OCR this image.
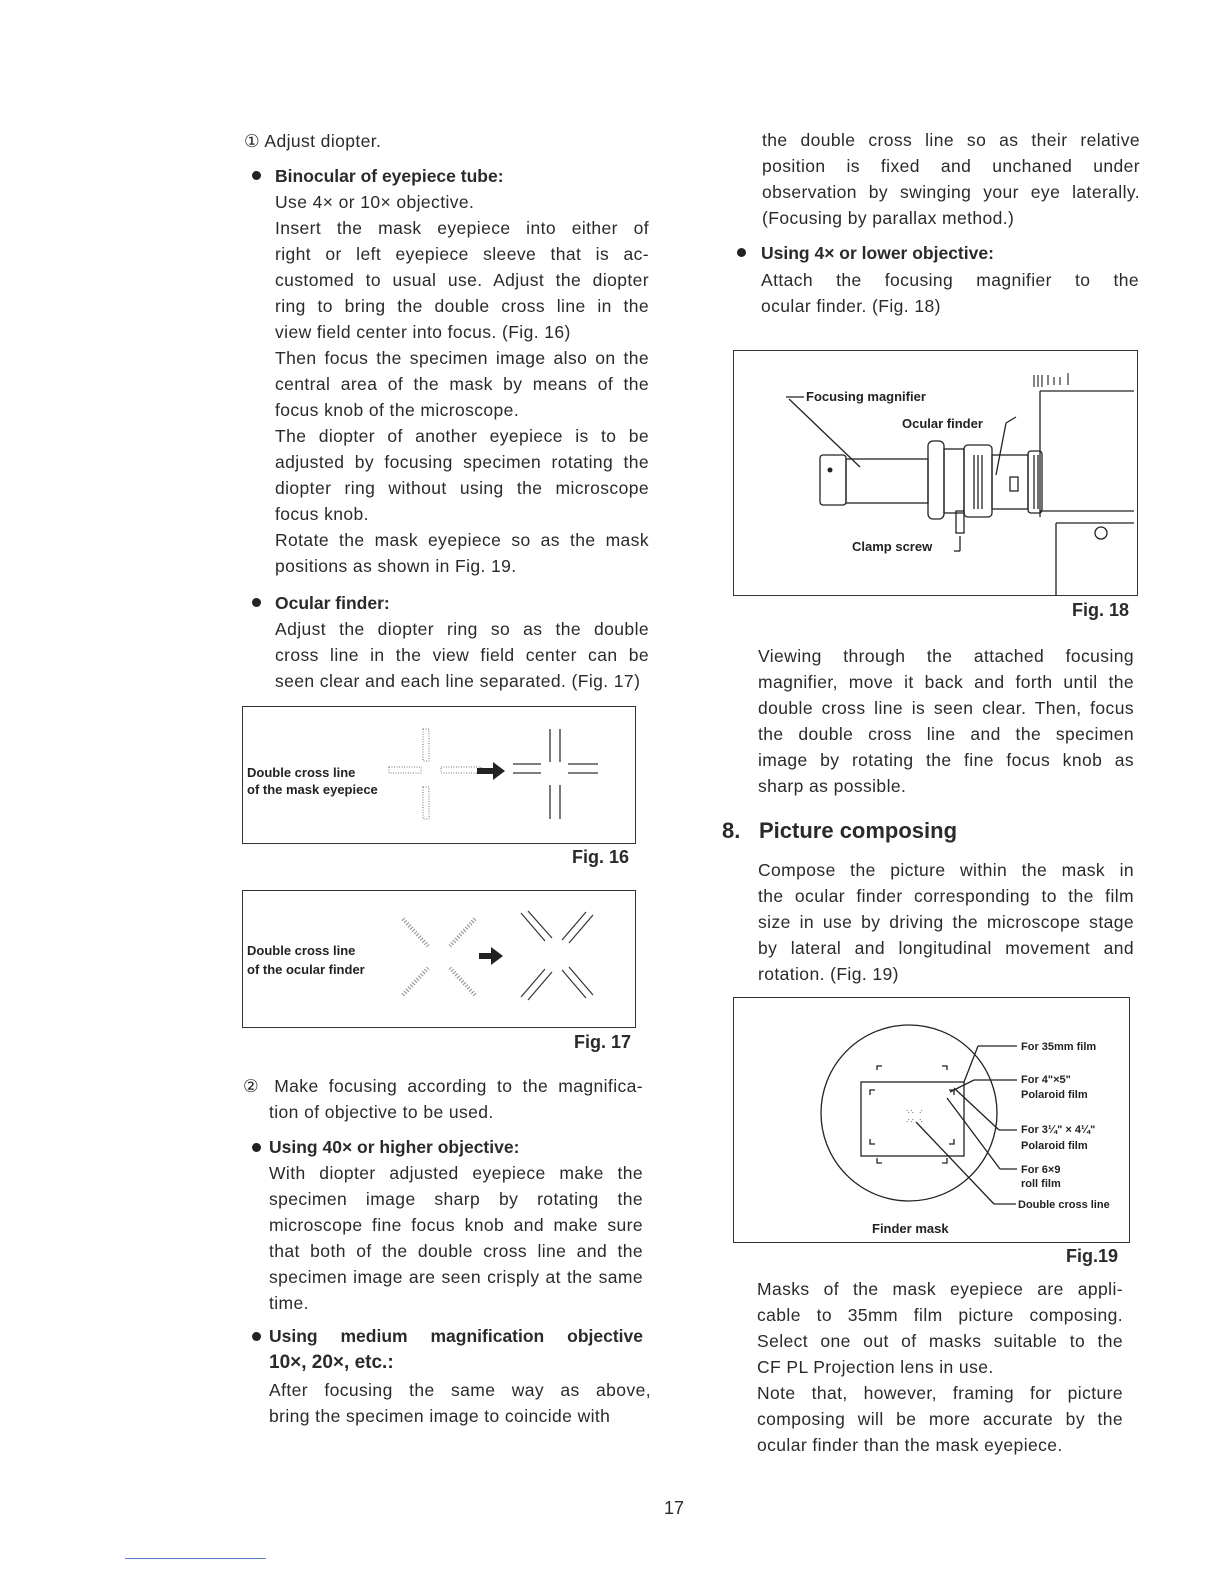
① Adjust diopter.

Binocular of eyepiece tube:

Use 4× or 10× objective.

Insert the mask eyepiece into either of

right or left eyepiece sleeve that is ac-

customed to usual use. Adjust the diopter

ring to bring the double cross line in the

view field center into focus. (Fig. 16)

Then focus the specimen image also on the

central area of the mask by means of the

focus knob of the microscope.

The diopter of another eyepiece is to be

adjusted by focusing specimen rotating the

diopter ring without using the microscope

focus knob.

Rotate the mask eyepiece so as the mask

positions as shown in Fig. 19.

Ocular finder:

Adjust the diopter ring so as the double

cross line in the view field center can be

seen clear and each line separated. (Fig. 17)

Double cross line
of the mask eyepiece
Fig. 16
Double cross line
of the ocular finder
Fig. 17

② Make focusing according to the magnifica-

tion of objective to be used.

Using 40× or higher objective:

With diopter adjusted eyepiece make the

specimen image sharp by rotating the

microscope fine focus knob and make sure

that both of the double cross line and the

specimen image are seen crisply at the same

time.

Using medium magnification objective

10×, 20×, etc.:

After focusing the same way as above,

bring the specimen image to coincide with

the double cross line so as their relative

position is fixed and unchaned under

observation by swinging your eye laterally.

(Focusing by parallax method.)

Using 4× or lower objective:

Attach the focusing magnifier to the

ocular finder. (Fig. 18)

Focusing magnifier
Ocular finder
Clamp screw
Fig. 18

Viewing through the attached focusing

magnifier, move it back and forth until the

double cross line is seen clear. Then, focus

the double cross line and the specimen

image by rotating the fine focus knob as

sharp as possible.

8. Picture composing

Compose the picture within the mask in

the ocular finder corresponding to the film

size in use by driving the microscope stage

by lateral and longitudinal movement and

rotation. (Fig. 19)

For 35mm film
For 4"×5"
Polaroid film
For 3¼" × 4¼"
Polaroid film
For 6×9
roll film
Double cross line
Finder mask
Fig.19

Masks of the mask eyepiece are appli-

cable to 35mm film picture composing.

Select one out of masks suitable to the

CF PL Projection lens in use.

Note that, however, framing for picture

composing will be more accurate by the

ocular finder than the mask eyepiece.

17
